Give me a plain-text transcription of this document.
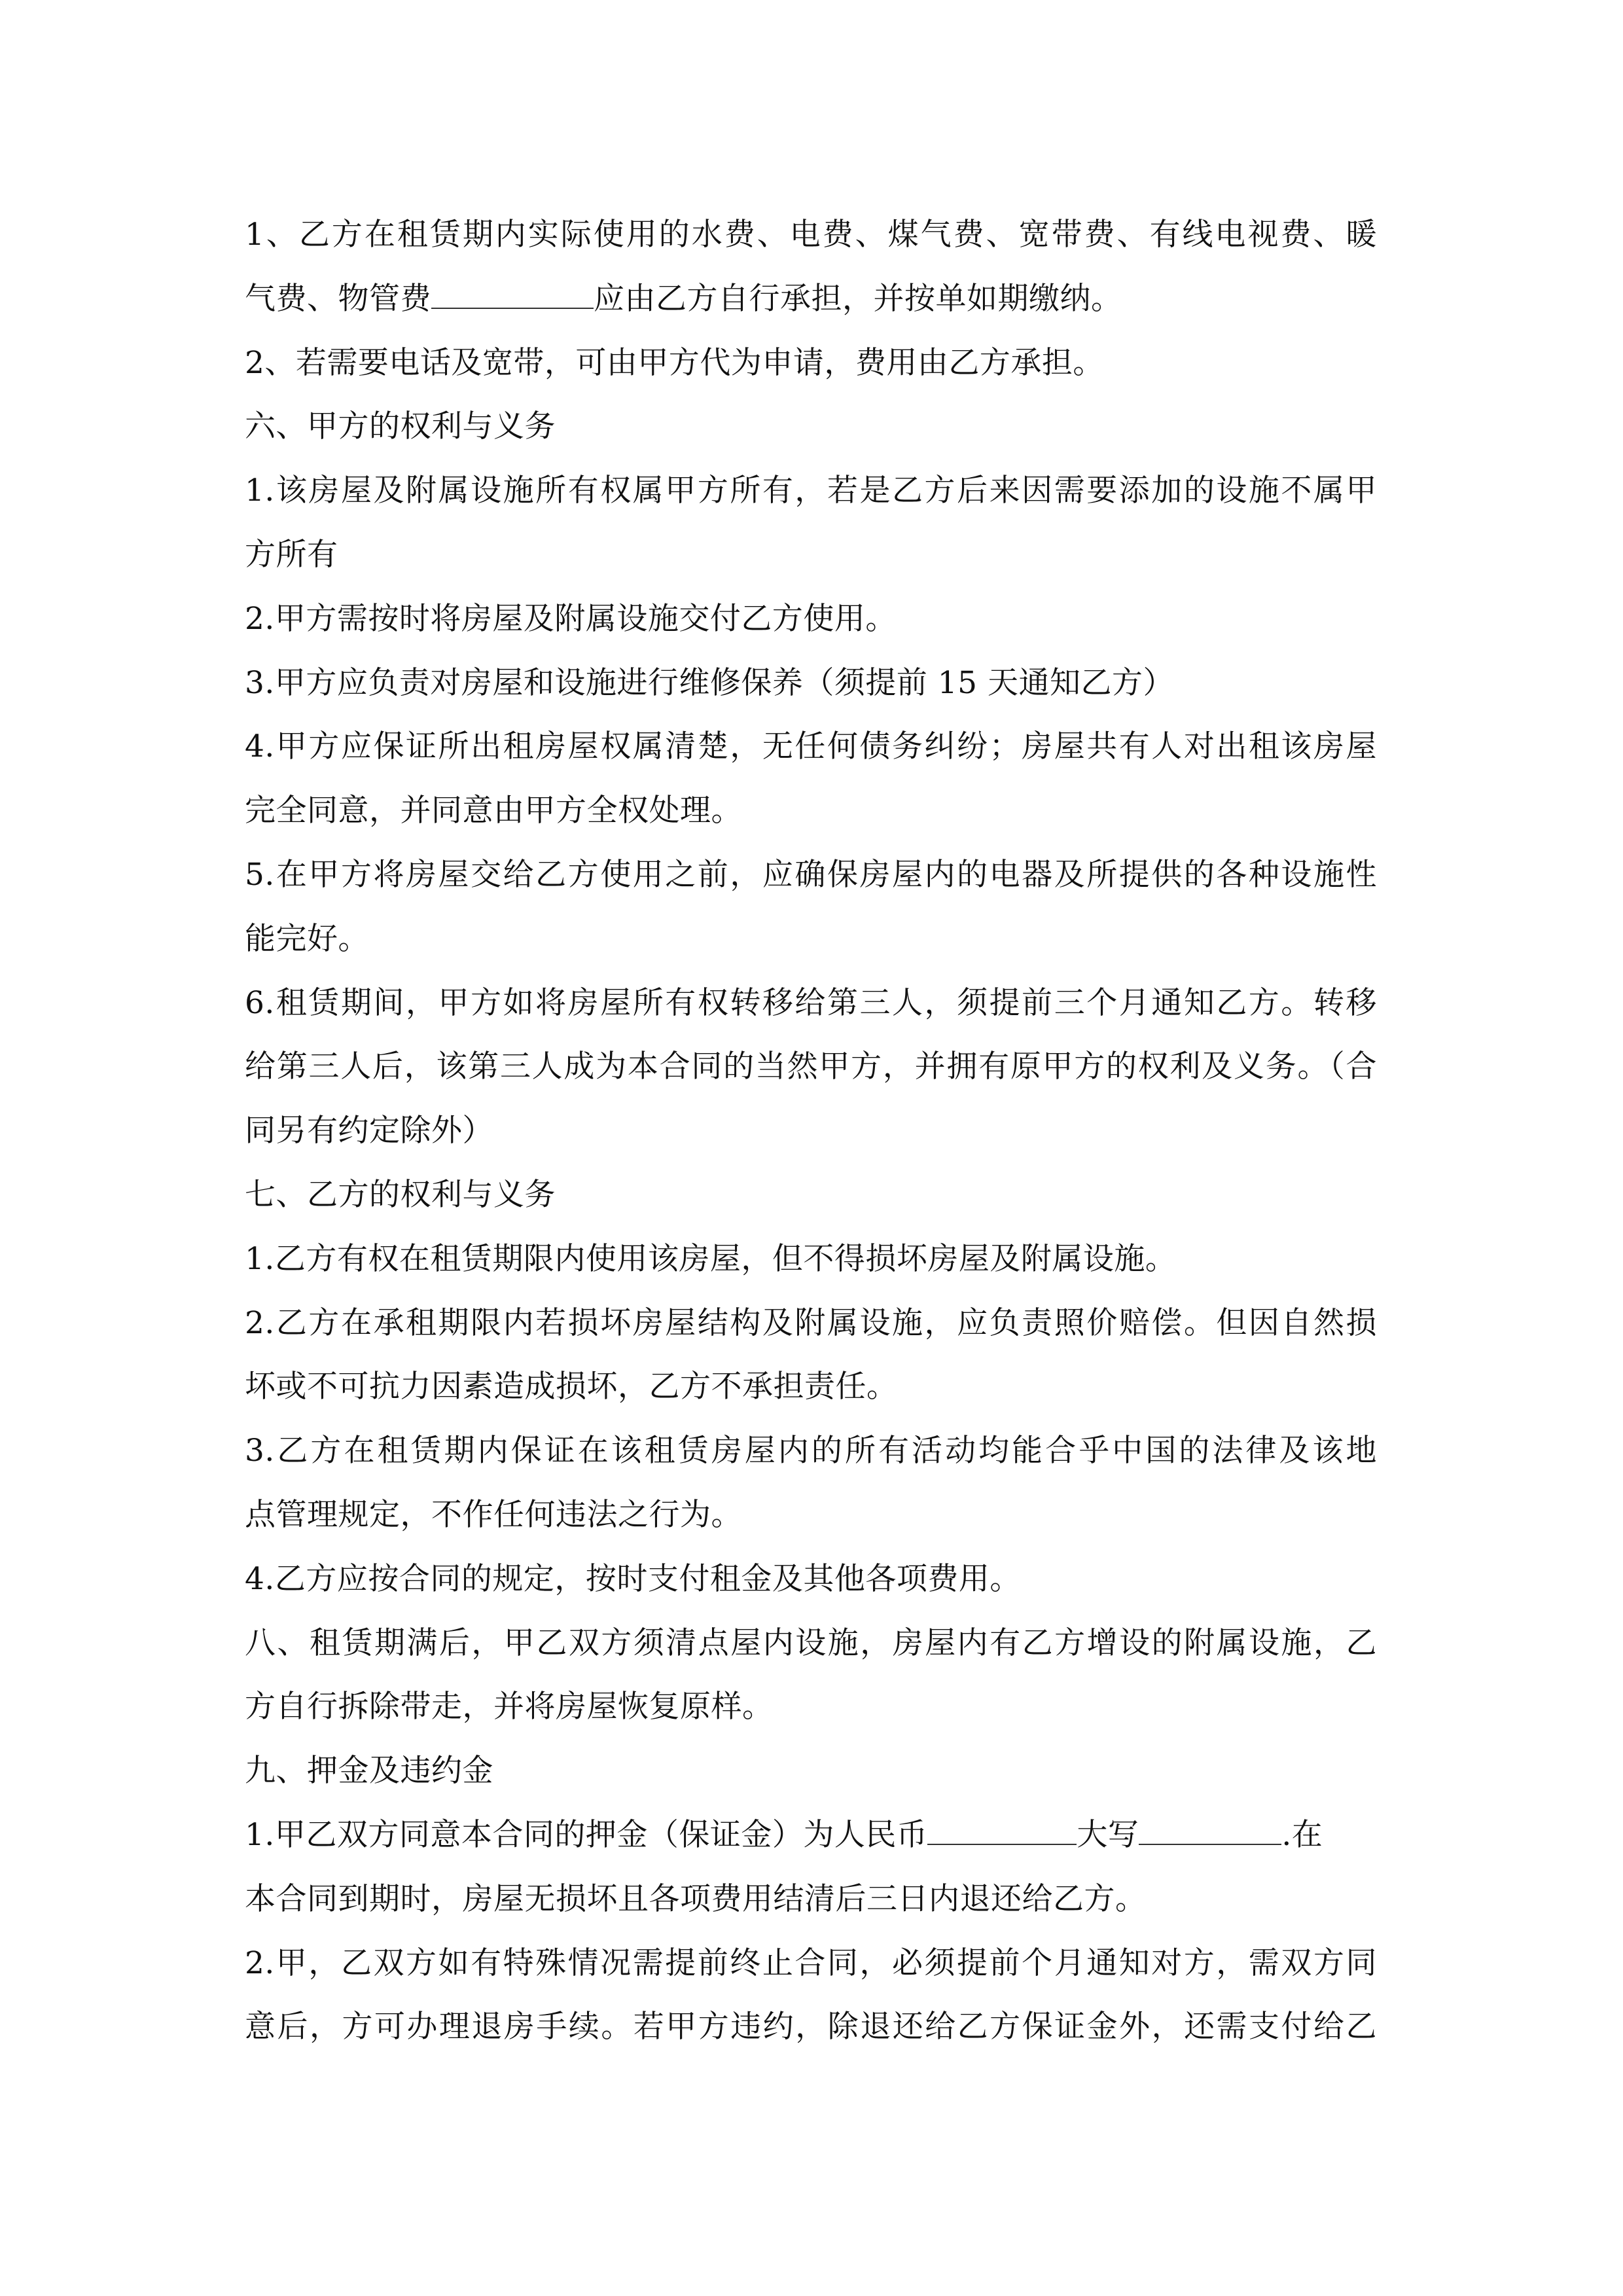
1、乙方在租赁期内实际使用的水费、电费、煤气费、宽带费、有线电视费、暖
气费、物管费	应由乙方自行承担，并按单如期缴纳。
2、若需要电话及宽带，可由甲方代为申请，费用由乙方承担。
六、甲方的权利与义务
1.该房屋及附属设施所有权属甲方所有，若是乙方后来因需要添加的设施不属甲
方所有
2.甲方需按时将房屋及附属设施交付乙方使用。
3.甲方应负责对房屋和设施进行维修保养（须提前 15 天通知乙方）
4.甲方应保证所出租房屋权属清楚，无任何债务纠纷；房屋共有人对出租该房屋
完全同意，并同意由甲方全权处理。
5.在甲方将房屋交给乙方使用之前，应确保房屋内的电器及所提供的各种设施性
能完好。
6.租赁期间，甲方如将房屋所有权转移给第三人，须提前三个月通知乙方。转移
给第三人后，该第三人成为本合同的当然甲方，并拥有原甲方的权利及义务。（合
同另有约定除外）
七、乙方的权利与义务
1.乙方有权在租赁期限内使用该房屋，但不得损坏房屋及附属设施。
2.乙方在承租期限内若损坏房屋结构及附属设施，应负责照价赔偿。但因自然损
坏或不可抗力因素造成损坏，乙方不承担责任。
3.乙方在租赁期内保证在该租赁房屋内的所有活动均能合乎中国的法律及该地
点管理规定，不作任何违法之行为。
4.乙方应按合同的规定，按时支付租金及其他各项费用。
八、租赁期满后，甲乙双方须清点屋内设施，房屋内有乙方增设的附属设施，乙
方自行拆除带走，并将房屋恢复原样。
九、押金及违约金
1.甲乙双方同意本合同的押金（保证金）为人民币	大写	.在
本合同到期时，房屋无损坏且各项费用结清后三日内退还给乙方。
2.甲，乙双方如有特殊情况需提前终止合同，必须提前个月通知对方，需双方同
意后，方可办理退房手续。若甲方违约，除退还给乙方保证金外，还需支付给乙
